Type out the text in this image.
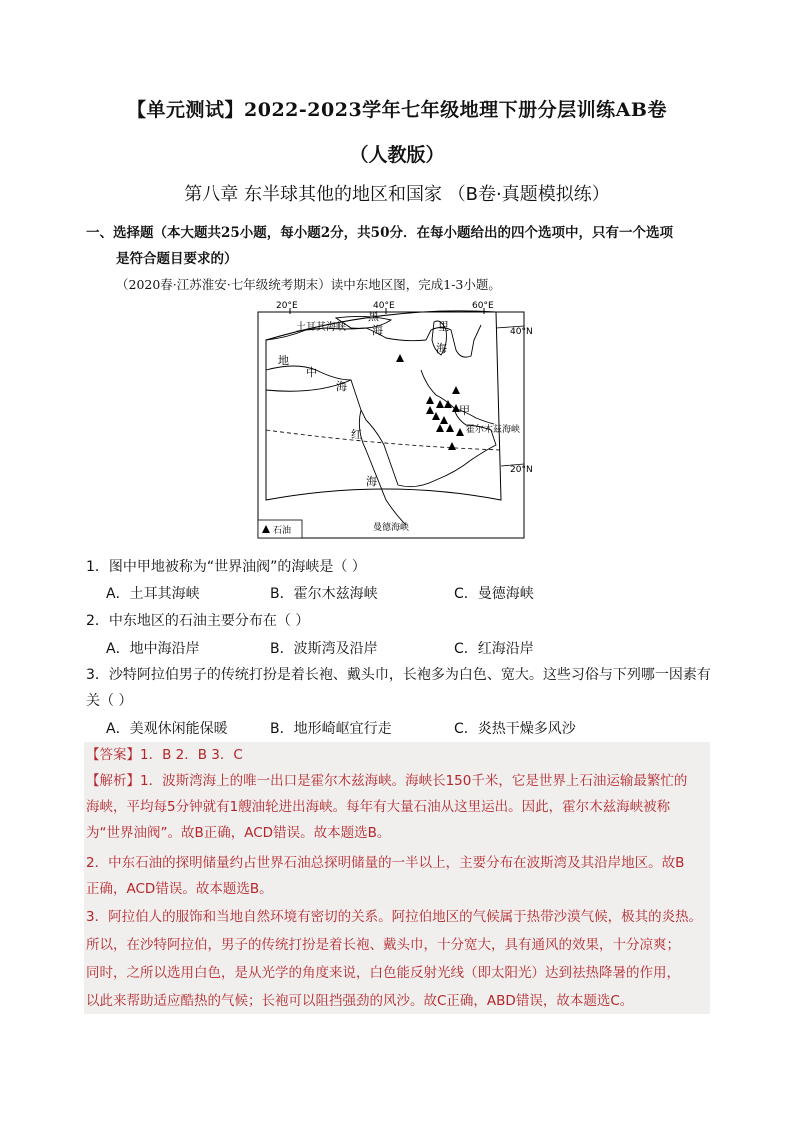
【单元测试】2022-2023学年七年级地理下册分层训练AB卷
（人教版）
第八章 东半球其他的地区和国家 （B卷·真题模拟练）
一、选择题（本大题共25小题，每小题2分，共50分．在每小题给出的四个选项中，只有一个选项
是符合题目要求的）
（2020春·江苏淮安·七年级统考期末）读中东地区图，完成1-3小题。
20°E	40°E	60°E
40°N
20°N
土耳其海峡
黑
海	里
海
地
中
海
红
海
甲
霍尔木兹海峡
曼德海峡
石油
1．图中甲地被称为“世界油阀”的海峡是（ ）
A．土耳其海峡	B．霍尔木兹海峡	C．曼德海峡
2．中东地区的石油主要分布在（ ）
A．地中海沿岸	B．波斯湾及沿岸	C．红海沿岸
3．沙特阿拉伯男子的传统打扮是着长袍、戴头巾，长袍多为白色、宽大。这些习俗与下列哪一因素有
关（ ）
A．美观休闲能保暖	B．地形崎岖宜行走	C．炎热干燥多风沙
【答案】1．B 2．B 3．C
【解析】1．波斯湾海上的唯一出口是霍尔木兹海峡。海峡长150千米，它是世界上石油运输最繁忙的
海峡，平均每5分钟就有1艘油轮进出海峡。每年有大量石油从这里运出。因此，霍尔木兹海峡被称
为“世界油阀”。故B正确，ACD错误。故本题选B。
2．中东石油的探明储量约占世界石油总探明储量的一半以上，主要分布在波斯湾及其沿岸地区。故B
正确，ACD错误。故本题选B。
3．阿拉伯人的服饰和当地自然环境有密切的关系。阿拉伯地区的气候属于热带沙漠气候，极其的炎热。
所以，在沙特阿拉伯，男子的传统打扮是着长袍、戴头巾，十分宽大，具有通风的效果，十分凉爽；
同时，之所以选用白色，是从光学的角度来说，白色能反射光线（即太阳光）达到祛热降暑的作用，
以此来帮助适应酷热的气候；长袍可以阻挡强劲的风沙。故C正确，ABD错误，故本题选C。
